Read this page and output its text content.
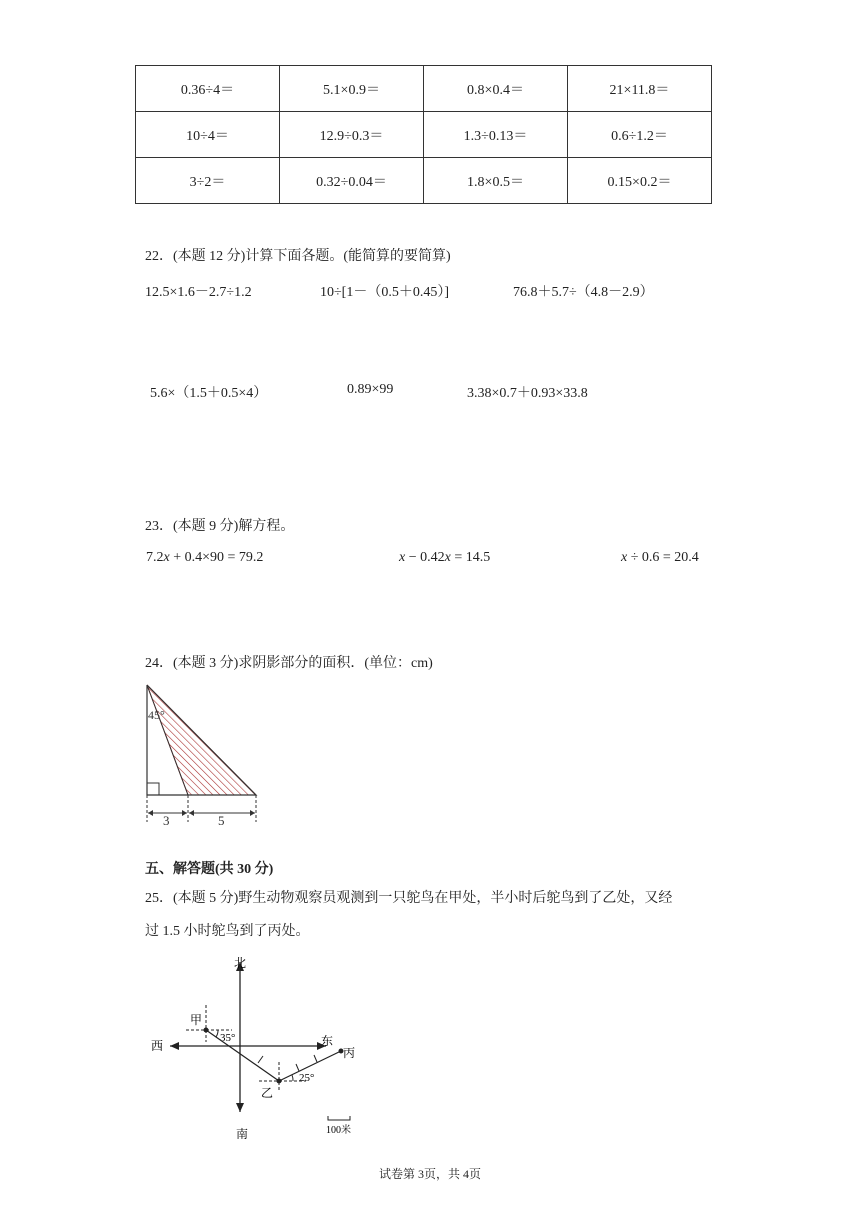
0.36÷4＝	5.1×0.9＝	0.8×0.4＝	21×11.8＝
10÷4＝	12.9÷0.3＝	1.3÷0.13＝	0.6÷1.2＝
3÷2＝	0.32÷0.04＝	1.8×0.5＝	0.15×0.2＝
22．(本题 12 分)计算下面各题。(能简算的要简算)
12.5×1.6－2.7÷1.2	10÷[1－（0.5＋0.45）]	76.8＋5.7÷（4.8－2.9）
5.6×（1.5＋0.5×4）	0.89×99	3.38×0.7＋0.93×33.8
23．(本题 9 分)解方程。
7.2x + 0.4×90 = 79.2	x − 0.42x = 14.5	x ÷ 0.6 = 20.4
24．(本题 3 分)求阴影部分的面积．(单位：cm)
45°
3	5
五、解答题(共 30 分)
25．(本题 5 分)野生动物观察员观测到一只鸵鸟在甲处，半小时后鸵鸟到了乙处，又经
过 1.5 小时鸵鸟到了丙处。
北
南
西	东
甲
35°
乙
25°
丙
100米
试卷第 3页，共 4页
